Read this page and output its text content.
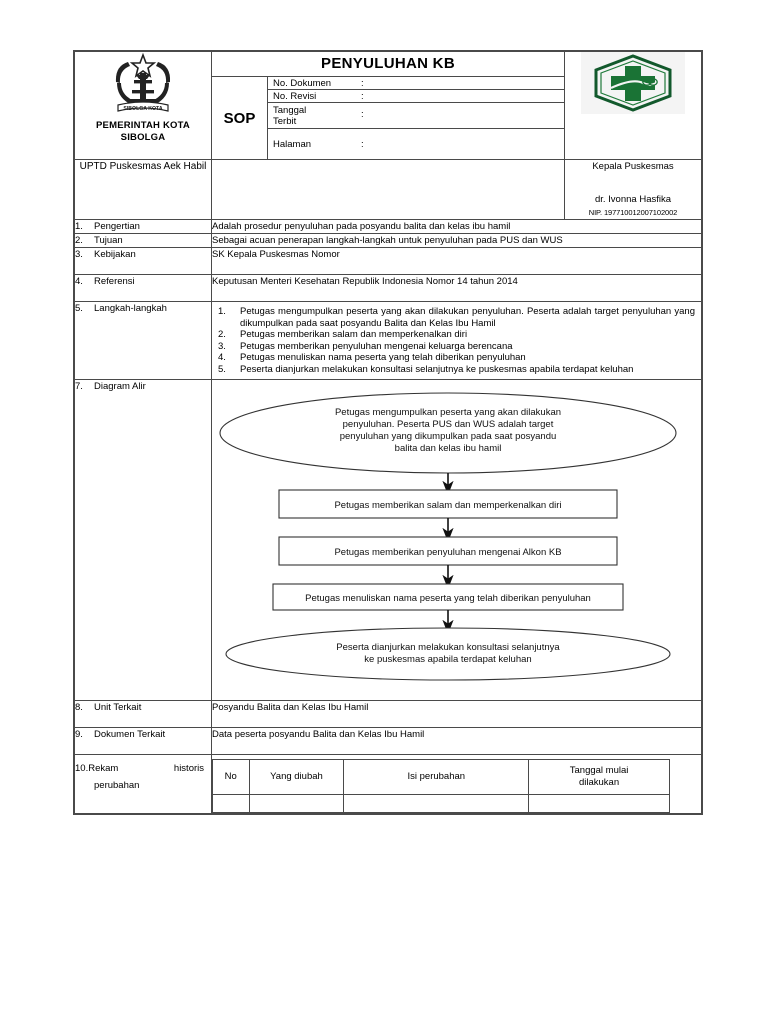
SIBOLGA KOTA
PEMERINTAH KOTA SIBOLGA

PENYULUHAN KB
SOP
No. Dokumen	:
No. Revisi	:
Tanggal
Terbit
:
Halaman	:

UPTD Puskesmas Aek Habil		Kepala Puskesmas
dr. Ivonna Hasfika
NIP. 197710012007102002

1. Pengertian	Adalah prosedur penyuluhan pada posyandu balita dan kelas ibu hamil
2. Tujuan	Sebagai acuan penerapan langkah-langkah untuk penyuluhan pada PUS dan WUS
3. Kebijakan	SK Kepala Puskesmas Nomor
4. Referensi	Keputusan Menteri Kesehatan Republik Indonesia Nomor 14 tahun 2014
5. Langkah-langkah	1. Petugas mengumpulkan peserta yang akan dilakukan penyuluhan. Peserta adalah target penyuluhan yang dikumpulkan pada saat posyandu Balita dan Kelas Ibu Hamil
2. Petugas memberikan salam dan memperkenalkan diri
3. Petugas memberikan penyuluhan mengenai keluarga berencana
4. Petugas menuliskan nama peserta yang telah diberikan penyuluhan
5. Peserta dianjurkan melakukan konsultasi selanjutnya ke puskesmas apabila terdapat keluhan

7. Diagram Alir	
Petugas mengumpulkan peserta yang akan dilakukan
penyuluhan. Peserta PUS dan WUS adalah target
penyuluhan yang dikumpulkan pada saat posyandu
balita dan kelas ibu hamil
Petugas memberikan salam dan memperkenalkan diri
Petugas memberikan penyuluhan mengenai Alkon KB
Petugas menuliskan nama peserta yang telah diberikan penyuluhan
Peserta dianjurkan melakukan konsultasi selanjutnya
ke puskesmas apabila terdapat keluhan

8. Unit Terkait	Posyandu Balita dan Kelas Ibu Hamil
9. Dokumen Terkait	Data peserta posyandu Balita dan Kelas Ibu Hamil

10.Rekam	historis
perubahan

No	Yang diubah	Isi perubahan	Tanggal mulai
dilakukan
